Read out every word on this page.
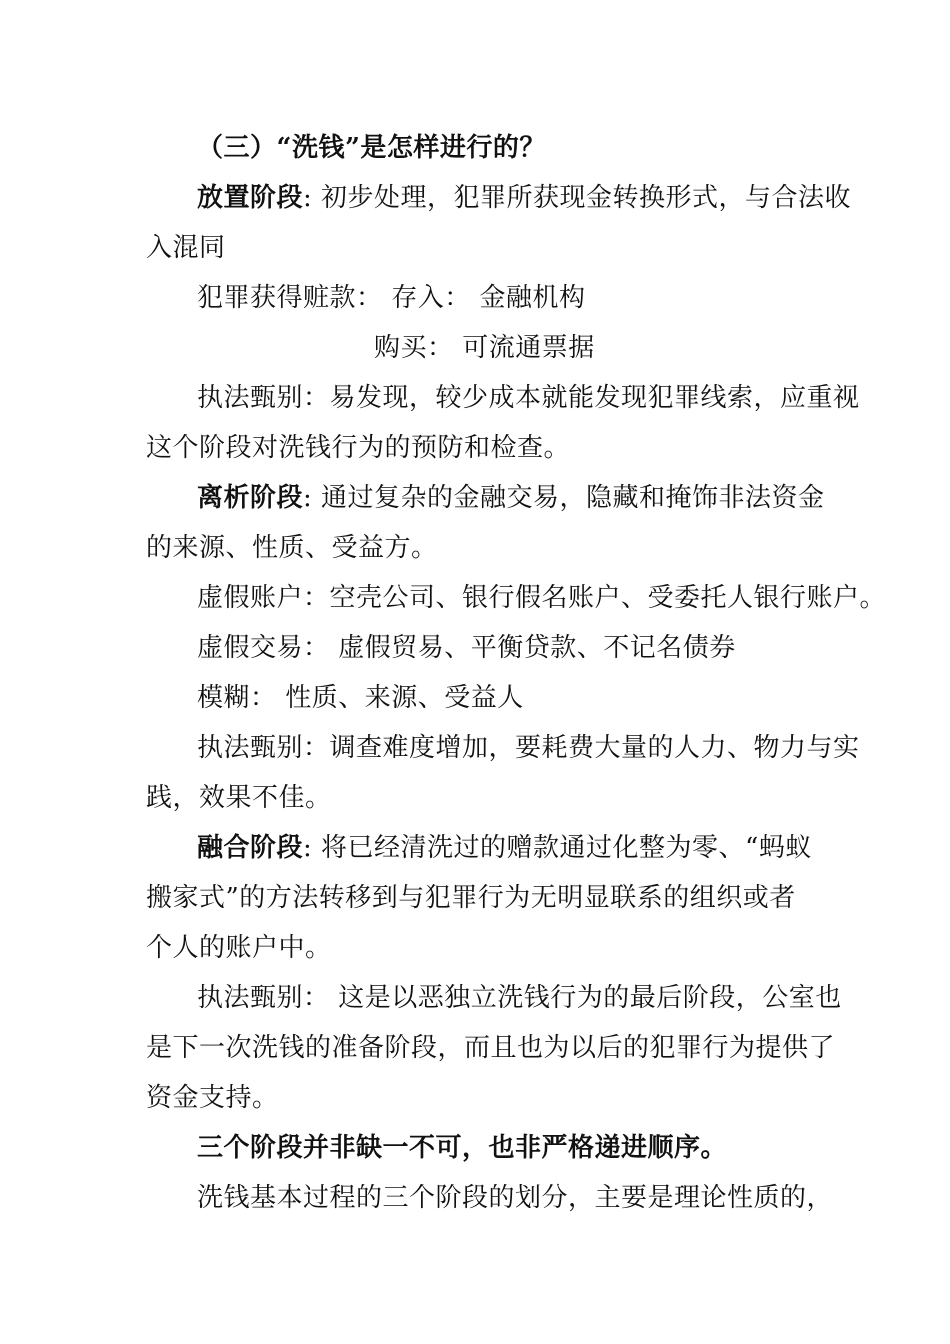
（三）“洗钱”是怎样进行的？
放置阶段: 初步处理，犯罪所获现金转换形式，与合法收
入混同
犯罪获得赃款： 存入： 金融机构
购买： 可流通票据
执法甄别：易发现，较少成本就能发现犯罪线索，应重视
这个阶段对洗钱行为的预防和检查。
离析阶段: 通过复杂的金融交易，隐藏和掩饰非法资金
的来源、性质、受益方。
虚假账户：空壳公司、银行假名账户、受委托人银行账户。
虚假交易： 虚假贸易、平衡贷款、不记名债券
模糊： 性质、来源、受益人
执法甄别：调查难度增加，要耗费大量的人力、物力与实
践，效果不佳。
融合阶段: 将已经清洗过的赠款通过化整为零、“蚂蚁
搬家式”的方法转移到与犯罪行为无明显联系的组织或者
个人的账户中。
执法甄别： 这是以恶独立洗钱行为的最后阶段，公室也
是下一次洗钱的准备阶段，而且也为以后的犯罪行为提供了
资金支持。
三个阶段并非缺一不可，也非严格递进顺序。
洗钱基本过程的三个阶段的划分，主要是理论性质的，
